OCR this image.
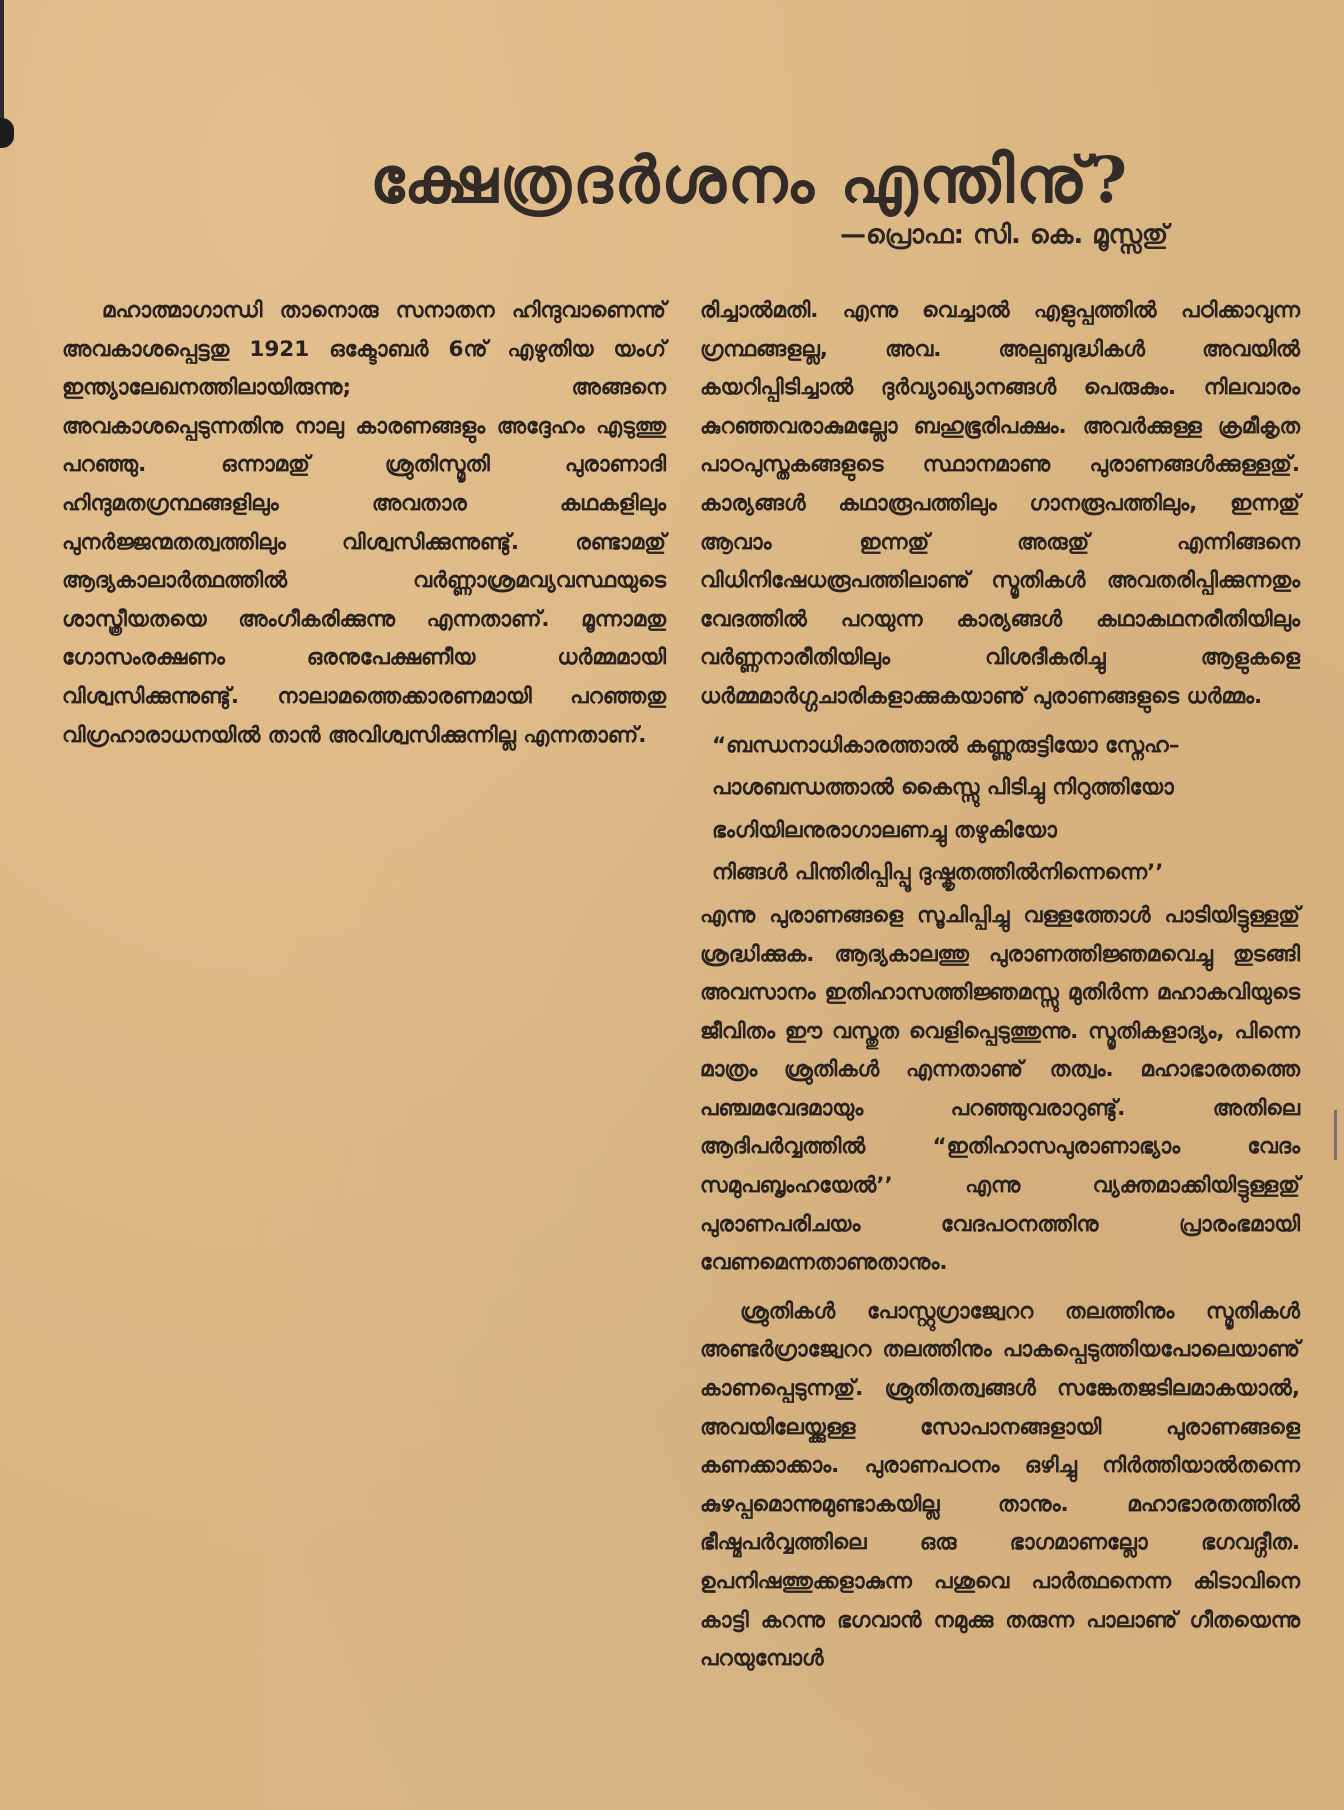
ക്ഷേത്രദർശനം എന്തിനു്?
—പ്രൊഫ: സി. കെ. മൂസ്സതു്

മഹാത്മാഗാന്ധി താനൊരു സനാതന ഹിന്ദുവാണെന്നു് അവകാശപ്പെട്ടതു 1921 ഒക്ടോബർ 6നു് എഴുതിയ യംഗ് ഇന്ത്യാലേഖനത്തിലായിരുന്നു; അങ്ങനെ അവകാശപ്പെടുന്നതിനു നാലു കാരണങ്ങളും അദ്ദേഹം എടുത്തു പറഞ്ഞു. ഒന്നാമതു് ശ്രുതിസ്മൃതി പുരാണാദി ഹിന്ദുമതഗ്രന്ഥങ്ങളിലും അവതാര കഥകളിലും പുനർജ്ജന്മതത്വത്തിലും വിശ്വസിക്കുന്നുണ്ടു്. രണ്ടാമതു് ആദ്യകാലാർത്ഥത്തിൽ വർണ്ണാശ്രമവ്യവസ്ഥയുടെ ശാസ്ത്രീയതയെ അംഗീകരിക്കുന്നു എന്നതാണ്. മൂന്നാമതു ഗോസംരക്ഷണം ഒരനുപേക്ഷണീയ ധർമ്മമായി വിശ്വസിക്കുന്നുണ്ടു്. നാലാമത്തെക്കാരണമായി പറഞ്ഞതു വിഗ്രഹാരാധനയിൽ താൻ അവിശ്വസിക്കുന്നില്ല എന്നതാണ്.

രിച്ചാൽമതി. എന്നു വെച്ചാൽ എളുപ്പത്തിൽ പഠിക്കാവുന്ന ഗ്രന്ഥങ്ങളല്ല, അവ. അല്പബുദ്ധികൾ അവയിൽ കയറിപ്പിടിച്ചാൽ ദുർവ്യാഖ്യാനങ്ങൾ പെരുകും. നിലവാരം കുറഞ്ഞവരാകുമല്ലോ ബഹുഭൂരിപക്ഷം. അവർക്കുള്ള ക്രമീകൃത പാഠപുസ്തകങ്ങളുടെ സ്ഥാനമാണു പുരാണങ്ങൾക്കുള്ളതു്. കാര്യങ്ങൾ കഥാരൂപത്തിലും ഗാനരൂപത്തിലും, ഇന്നതു് ആവാം ഇന്നതു് അരുതു് എന്നിങ്ങനെ വിധിനിഷേധരൂപത്തിലാണു് സ്മൃതികൾ അവതരിപ്പിക്കുന്നതും വേദത്തിൽ പറയുന്ന കാര്യങ്ങൾ കഥാകഥനരീതിയിലും വർണ്ണനാരീതിയിലും വിശദീകരിച്ചു ആളുകളെ ധർമ്മമാർഗ്ഗചാരികളാക്കുകയാണു് പുരാണങ്ങളുടെ ധർമ്മം.

“ബന്ധനാധികാരത്താൽ കണ്ണുരുട്ടിയോ സ്നേഹ–

പാശബന്ധത്താൽ കൈസ്സു പിടിച്ചു നിറുത്തിയോ

ഭംഗിയിലനുരാഗാലണച്ചു തഴുകിയോ

നിങ്ങൾ പിന്തിരിപ്പിപ്പൂ ദുഷ്കൃതത്തിൽനിന്നെന്നെ’’

എന്നു പുരാണങ്ങളെ സൂചിപ്പിച്ചു വള്ളത്തോൾ പാടിയിട്ടുള്ളതു് ശ്രദ്ധിക്കുക. ആദ്യകാലത്തു പുരാണത്തിജ്ഞമവെച്ചു തുടങ്ങി അവസാനം ഇതിഹാസത്തിജ്ഞമസ്സു മുതിർന്ന മഹാകവിയുടെ ജീവിതം ഈ വസ്തുത വെളിപ്പെടുത്തുന്നു. സ്മൃതികളാദ്യം, പിന്നെ മാത്രം ശ്രുതികൾ എന്നതാണു് തത്വം. മഹാഭാരതത്തെ പഞ്ചമവേദമായും പറഞ്ഞുവരാറുണ്ടു്. അതിലെ ആദിപർവ്വത്തിൽ “ഇതിഹാസപുരാണാഭ്യാം വേദം സമുപബൃംഹയേൽ’’ എന്നു വ്യക്തമാക്കിയിട്ടുള്ളതു് പുരാണപരിചയം വേദപഠനത്തിനു പ്രാരംഭമായി വേണമെന്നതാണുതാനും.

ശ്രുതികൾ പോസ്റ്റുഗ്രാജ്വേററ തലത്തിനും സ്മൃതികൾ അണ്ടർഗ്രാജ്വേററ തലത്തിനും പാകപ്പെടുത്തിയപോലെയാണു് കാണപ്പെടുന്നതു്. ശ്രുതിതത്വങ്ങൾ സങ്കേതജടിലമാകയാൽ, അവയിലേയ്ക്കുള്ള സോപാനങ്ങളായി പുരാണങ്ങളെ കണക്കാക്കാം. പുരാണപഠനം ഒഴിച്ചു നിർത്തിയാൽതന്നെ കുഴപ്പമൊന്നുമുണ്ടാകയില്ല താനും. മഹാഭാരതത്തിൽ ഭീഷ്മപർവ്വത്തിലെ ഒരു ഭാഗമാണല്ലോ ഭഗവദ്ഗീത. ഉപനിഷത്തുക്കളാകുന്ന പശുവെ പാർത്ഥനെന്ന കിടാവിനെ കാട്ടി കറന്നു ഭഗവാൻ നമുക്കു തരുന്ന പാലാണു് ഗീതയെന്നു പറയുമ്പോൾ
